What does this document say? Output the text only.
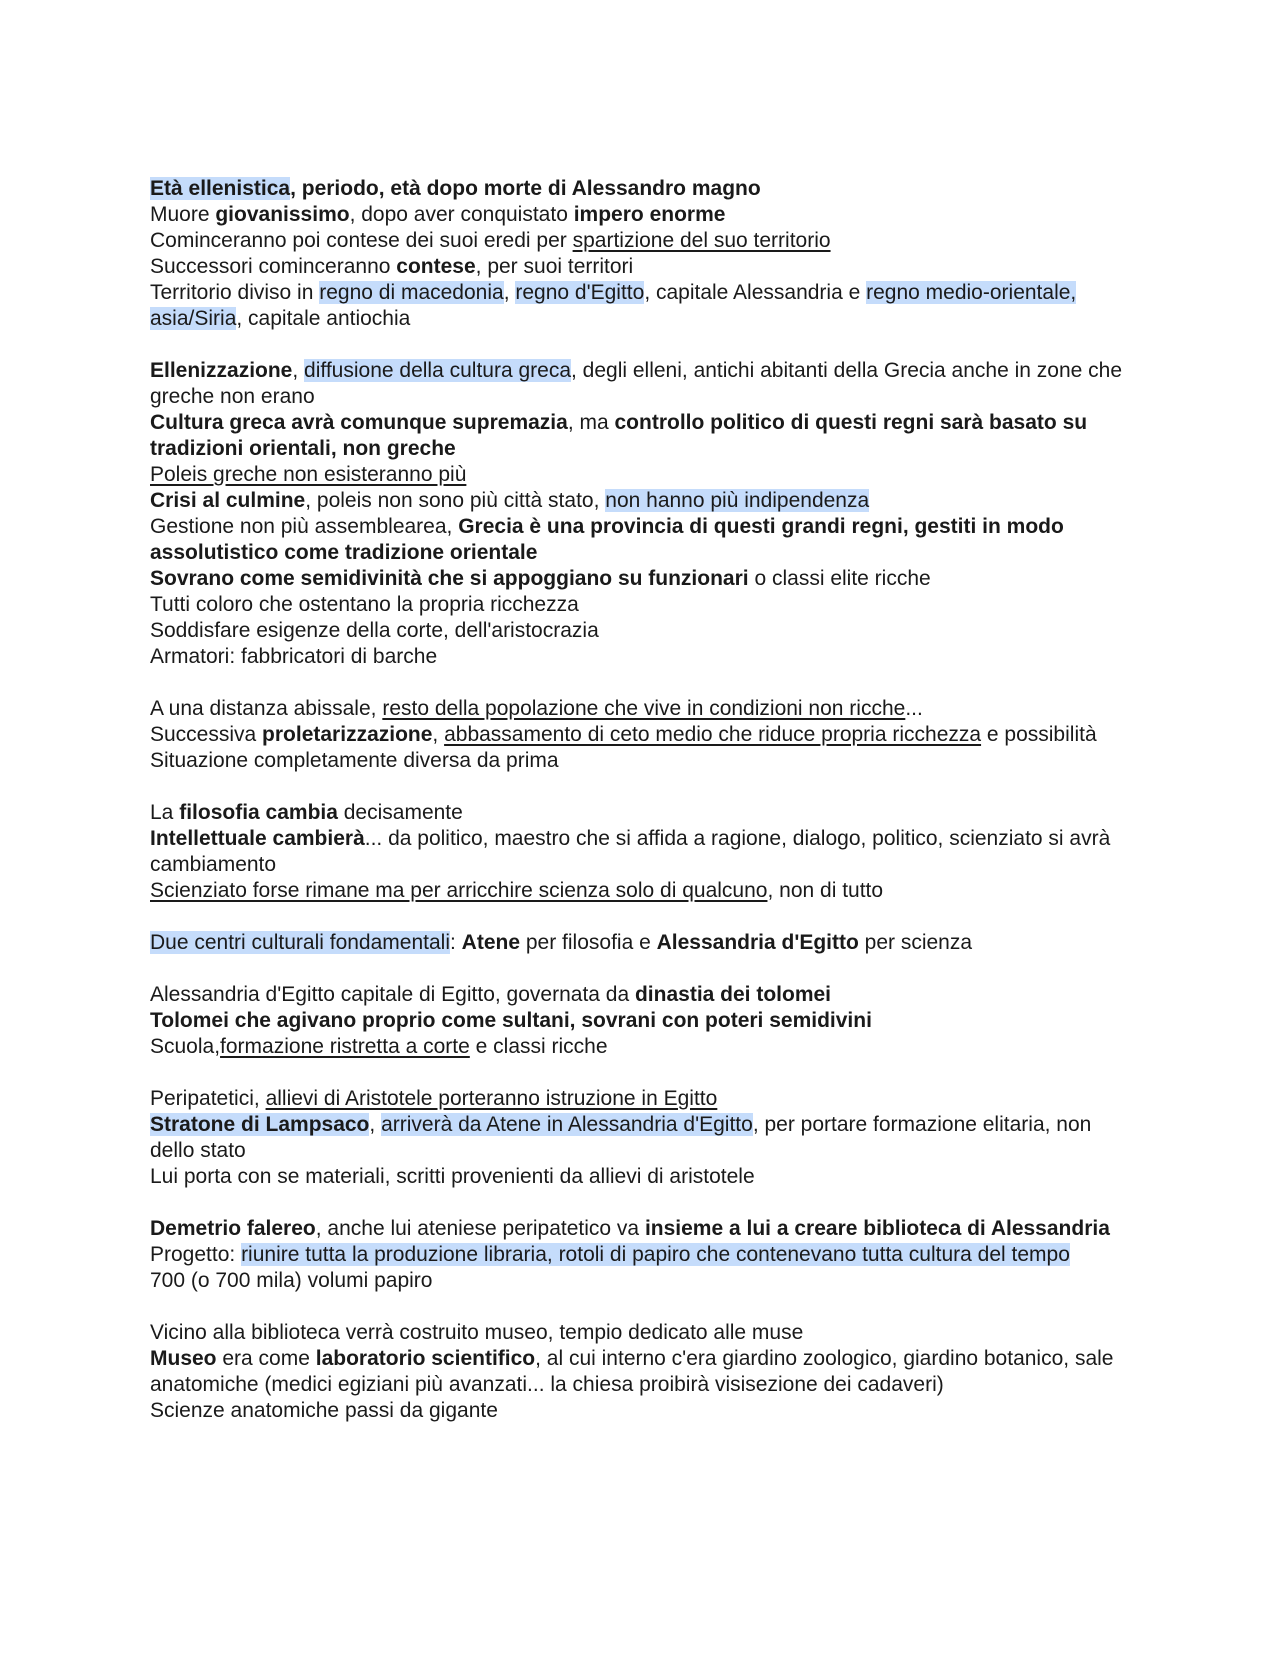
Età ellenistica, periodo, età dopo morte di Alessandro magno
Muore giovanissimo, dopo aver conquistato impero enorme
Cominceranno poi contese dei suoi eredi per spartizione del suo territorio
Successori cominceranno contese, per suoi territori
Territorio diviso in regno di macedonia, regno d'Egitto, capitale Alessandria e regno medio-orientale, asia/Siria, capitale antiochia
Ellenizzazione, diffusione della cultura greca, degli elleni, antichi abitanti della Grecia anche in zone che greche non erano
Cultura greca avrà comunque supremazia, ma controllo politico di questi regni sarà basato su tradizioni orientali, non greche
Poleis greche non esisteranno più
Crisi al culmine, poleis non sono più città stato, non hanno più indipendenza
Gestione non più assemblearea, Grecia è una provincia di questi grandi regni, gestiti in modo assolutistico come tradizione orientale
Sovrano come semidivinità che si appoggiano su funzionari o classi elite ricche
Tutti coloro che ostentano la propria ricchezza
Soddisfare esigenze della corte, dell'aristocrazia
Armatori: fabbricatori di barche
A una distanza abissale, resto della popolazione che vive in condizioni non ricche...
Successiva proletarizzazione, abbassamento di ceto medio che riduce propria ricchezza e possibilità
Situazione completamente diversa da prima
La filosofia cambia decisamente
Intellettuale cambierà... da politico, maestro che si affida a ragione, dialogo, politico, scienziato si avrà cambiamento
Scienziato forse rimane ma per arricchire scienza solo di qualcuno, non di tutto
Due centri culturali fondamentali: Atene per filosofia e Alessandria d'Egitto per scienza
Alessandria d'Egitto capitale di Egitto, governata da dinastia dei tolomei
Tolomei che agivano proprio come sultani, sovrani con poteri semidivini
Scuola,formazione ristretta a corte e classi ricche
Peripatetici, allievi di Aristotele porteranno istruzione in Egitto
Stratone di Lampsaco, arriverà da Atene in Alessandria d'Egitto, per portare formazione elitaria, non dello stato
Lui porta con se materiali, scritti provenienti da allievi di aristotele
Demetrio falereo, anche lui ateniese peripatetico va insieme a lui a creare biblioteca di Alessandria
Progetto: riunire tutta la produzione libraria, rotoli di papiro che contenevano tutta cultura del tempo
700 (o 700 mila) volumi papiro
Vicino alla biblioteca verrà costruito museo, tempio dedicato alle muse
Museo era come laboratorio scientifico, al cui interno c'era giardino zoologico, giardino botanico, sale anatomiche (medici egiziani più avanzati... la chiesa proibirà visisezione dei cadaveri)
Scienze anatomiche passi da gigante
